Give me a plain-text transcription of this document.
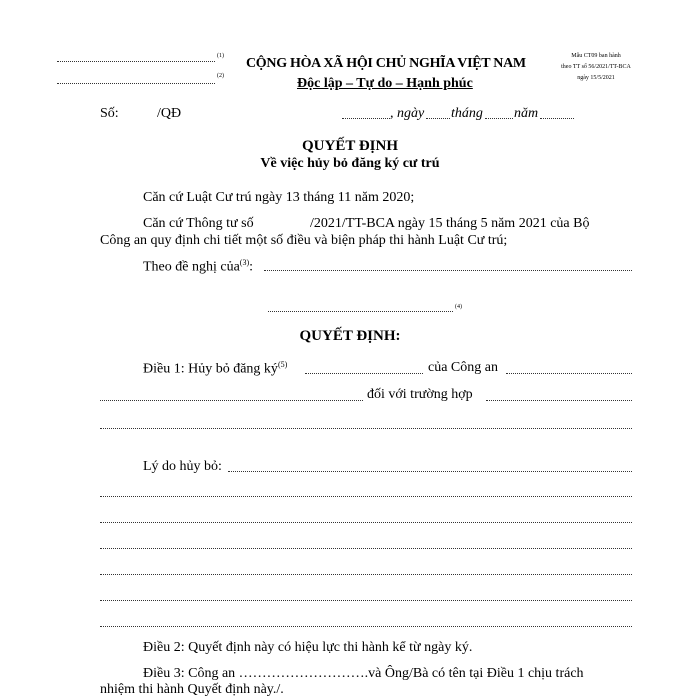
(1)
(2)
CỘNG HÒA XÃ HỘI CHỦ NGHĨA VIỆT NAM
Độc lập – Tự do – Hạnh phúc
Mẫu CT09 ban hành
theo TT số 56/2021/TT-BCA
ngày 15/5/2021
Số:	/QĐ	, ngày tháng năm
QUYẾT ĐỊNH
Về việc hủy bỏ đăng ký cư trú
Căn cứ Luật Cư trú ngày 13 tháng 11 năm 2020;
Căn cứ Thông tư số	/2021/TT-BCA ngày 15 tháng 5 năm 2021 của Bộ
Công an quy định chi tiết một số điều và biện pháp thi hành Luật Cư trú;
Theo đề nghị của$^{(3)}$:
(4)
QUYẾT ĐỊNH:
Điều 1: Hủy bỏ đăng $ký^{(5)}$	của Công an
đối với trường hợp
Lý do hủy bỏ:
Điều 2: Quyết định này có hiệu lực thi hành kể từ ngày ký.
Điều 3: Công an ……………………….và Ông/Bà có tên tại Điều 1 chịu trách
nhiệm thi hành Quyết định này./.
